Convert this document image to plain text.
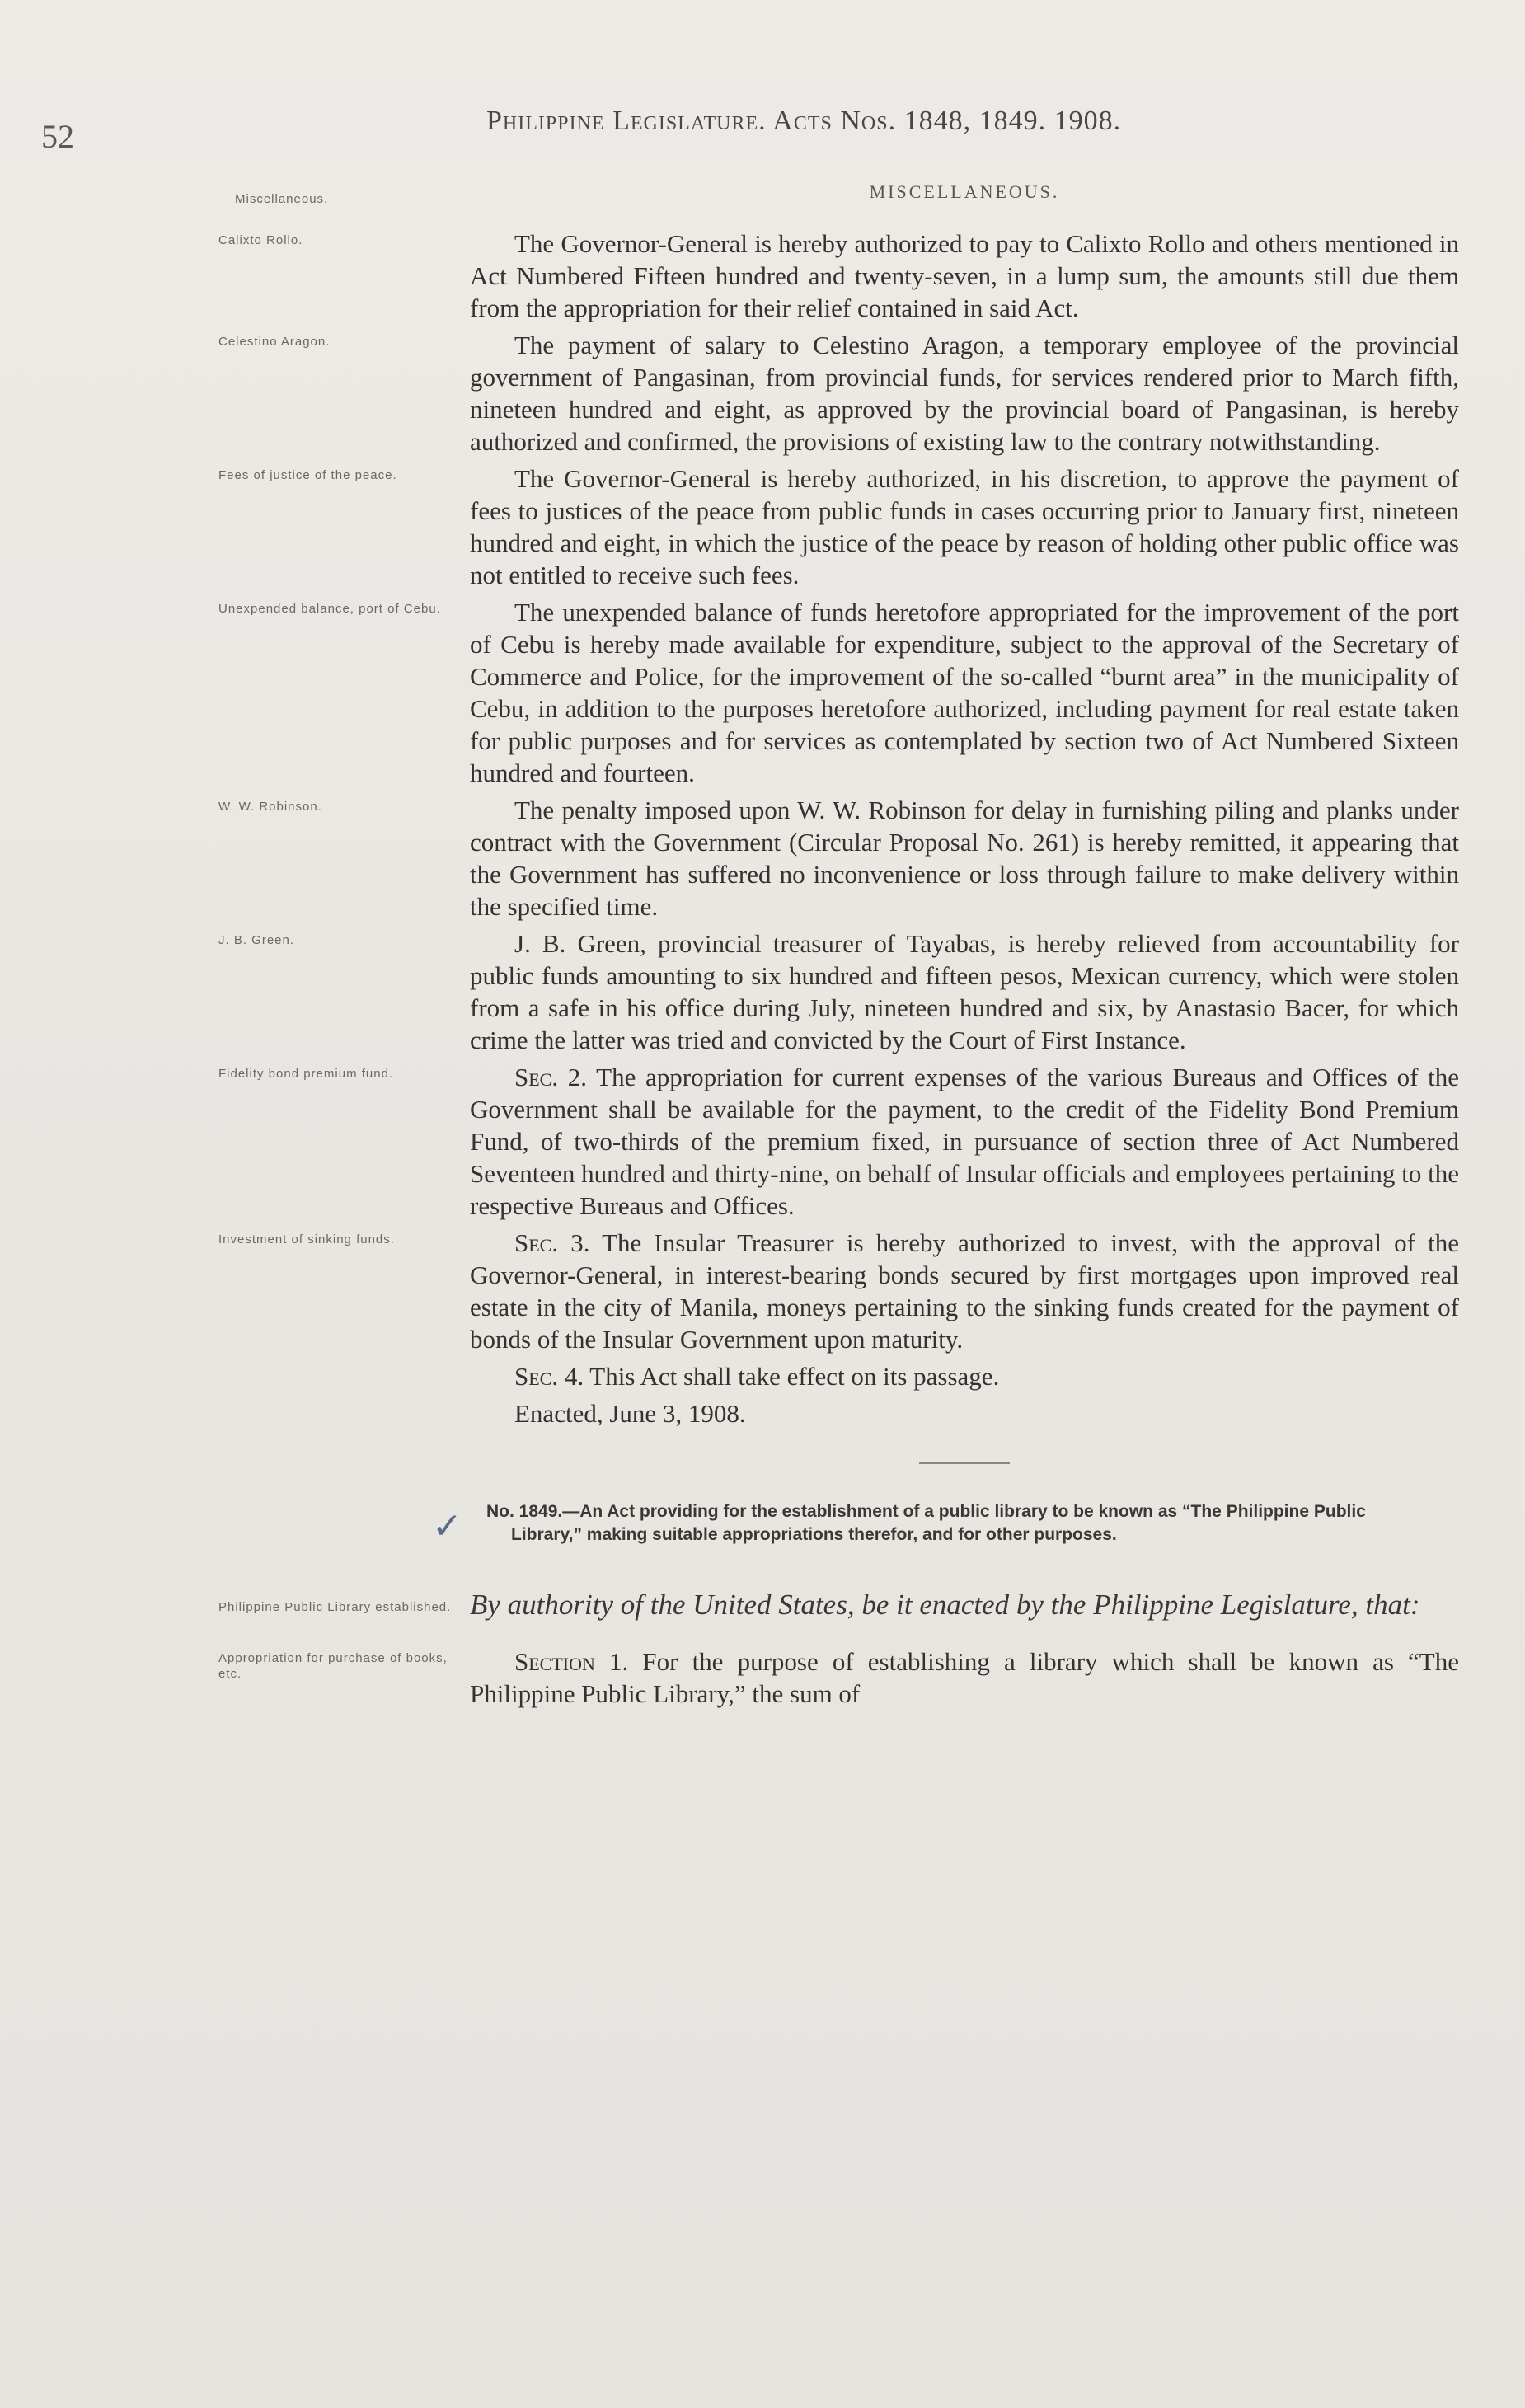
52	Philippine Legislature. Acts Nos. 1848, 1849. 1908.
Miscellaneous.	MISCELLANEOUS.

Calixto Rollo.	The Governor-General is hereby authorized to pay to Calixto Rollo and others mentioned in Act Numbered Fifteen hundred and twenty-seven, in a lump sum, the amounts still due them from the appropriation for their relief contained in said Act.

Celestino Aragon.	The payment of salary to Celestino Aragon, a temporary employee of the provincial government of Pangasinan, from provincial funds, for services rendered prior to March fifth, nineteen hundred and eight, as approved by the provincial board of Pangasinan, is hereby authorized and confirmed, the provisions of existing law to the contrary notwithstanding.

Fees of justice of the peace.	The Governor-General is hereby authorized, in his discretion, to approve the payment of fees to justices of the peace from public funds in cases occurring prior to January first, nineteen hundred and eight, in which the justice of the peace by reason of holding other public office was not entitled to receive such fees.

Unexpended balance, port of Cebu.	The unexpended balance of funds heretofore appropriated for the improvement of the port of Cebu is hereby made available for expenditure, subject to the approval of the Secretary of Commerce and Police, for the improvement of the so-called “burnt area” in the municipality of Cebu, in addition to the purposes heretofore authorized, including payment for real estate taken for public purposes and for services as contemplated by section two of Act Numbered Sixteen hundred and fourteen.

W. W. Robinson.	The penalty imposed upon W. W. Robinson for delay in furnishing piling and planks under contract with the Government (Circular Proposal No. 261) is hereby remitted, it appearing that the Government has suffered no inconvenience or loss through failure to make delivery within the specified time.

J. B. Green.	J. B. Green, provincial treasurer of Tayabas, is hereby relieved from accountability for public funds amounting to six hundred and fifteen pesos, Mexican currency, which were stolen from a safe in his office during July, nineteen hundred and six, by Anastasio Bacer, for which crime the latter was tried and convicted by the Court of First Instance.

Fidelity bond premium fund.	Sec. 2. The appropriation for current expenses of the various Bureaus and Offices of the Government shall be available for the payment, to the credit of the Fidelity Bond Premium Fund, of two-thirds of the premium fixed, in pursuance of section three of Act Numbered Seventeen hundred and thirty-nine, on behalf of Insular officials and employees pertaining to the respective Bureaus and Offices.

Investment of sinking funds.	Sec. 3. The Insular Treasurer is hereby authorized to invest, with the approval of the Governor-General, in interest-bearing bonds secured by first mortgages upon improved real estate in the city of Manila, moneys pertaining to the sinking funds created for the payment of bonds of the Insular Government upon maturity.

Sec. 4. This Act shall take effect on its passage.

Enacted, June 3, 1908.

✓ No. 1849.—An Act providing for the establishment of a public library to be known as “The Philippine Public Library,” making suitable appropriations therefor, and for other purposes.
Philippine Public Library established. By authority of the United States, be it enacted by the Philippine Legislature, that:

Appropriation for purchase of books, etc.	Section 1. For the purpose of establishing a library which shall be known as “The Philippine Public Library,” the sum of
